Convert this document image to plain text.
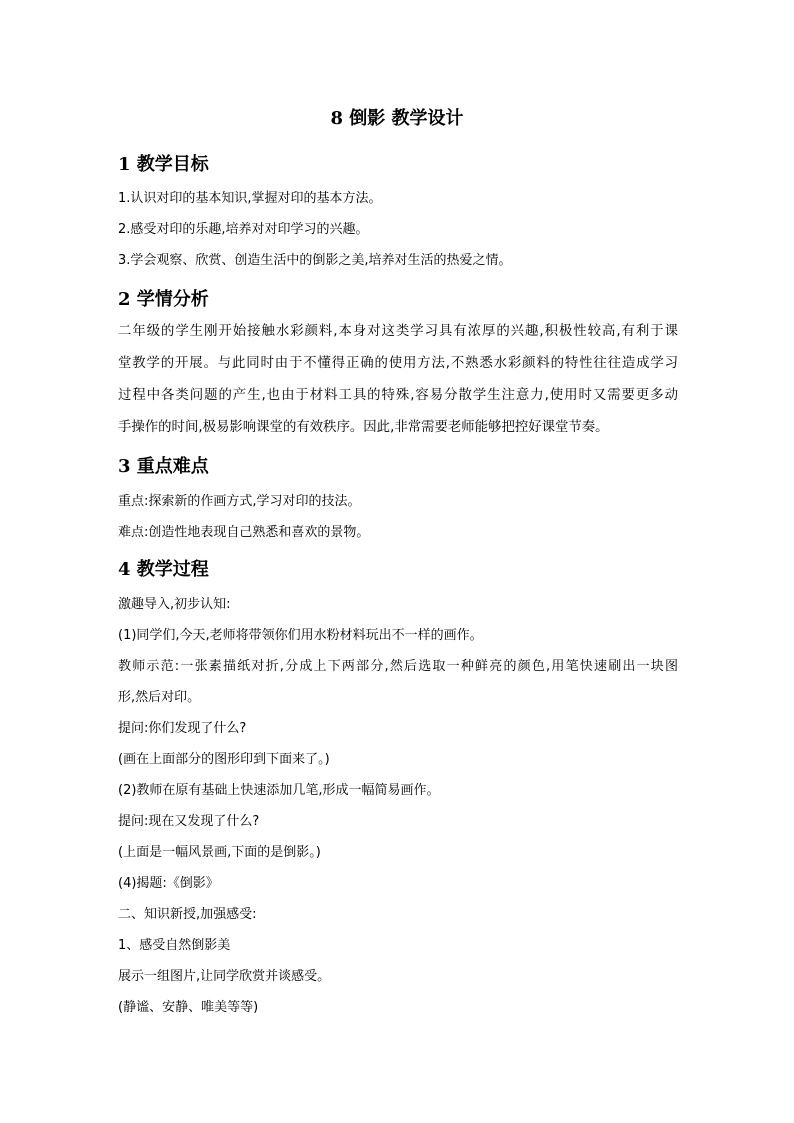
8 倒影 教学设计
1 教学目标
1.认识对印的基本知识,掌握对印的基本方法。
2.感受对印的乐趣,培养对对印学习的兴趣。
3.学会观察、欣赏、创造生活中的倒影之美,培养对生活的热爱之情。
2 学情分析
二年级的学生刚开始接触水彩颜料,本身对这类学习具有浓厚的兴趣,积极性较高,有利于课
堂教学的开展。与此同时由于不懂得正确的使用方法,不熟悉水彩颜料的特性往往造成学习
过程中各类问题的产生,也由于材料工具的特殊,容易分散学生注意力,使用时又需要更多动
手操作的时间,极易影响课堂的有效秩序。因此,非常需要老师能够把控好课堂节奏。
3 重点难点
重点:探索新的作画方式,学习对印的技法。
难点:创造性地表现自己熟悉和喜欢的景物。
4 教学过程
激趣导入,初步认知:
(1)同学们,今天,老师将带领你们用水粉材料玩出不一样的画作。
教师示范:一张素描纸对折,分成上下两部分,然后选取一种鲜亮的颜色,用笔快速刷出一块图
形,然后对印。
提问:你们发现了什么?
(画在上面部分的图形印到下面来了。)
(2)教师在原有基础上快速添加几笔,形成一幅简易画作。
提问:现在又发现了什么?
(上面是一幅风景画,下面的是倒影。)
(4)揭题:《倒影》
二、知识新授,加强感受:
1、感受自然倒影美
展示一组图片,让同学欣赏并谈感受。
(静谧、安静、唯美等等)
